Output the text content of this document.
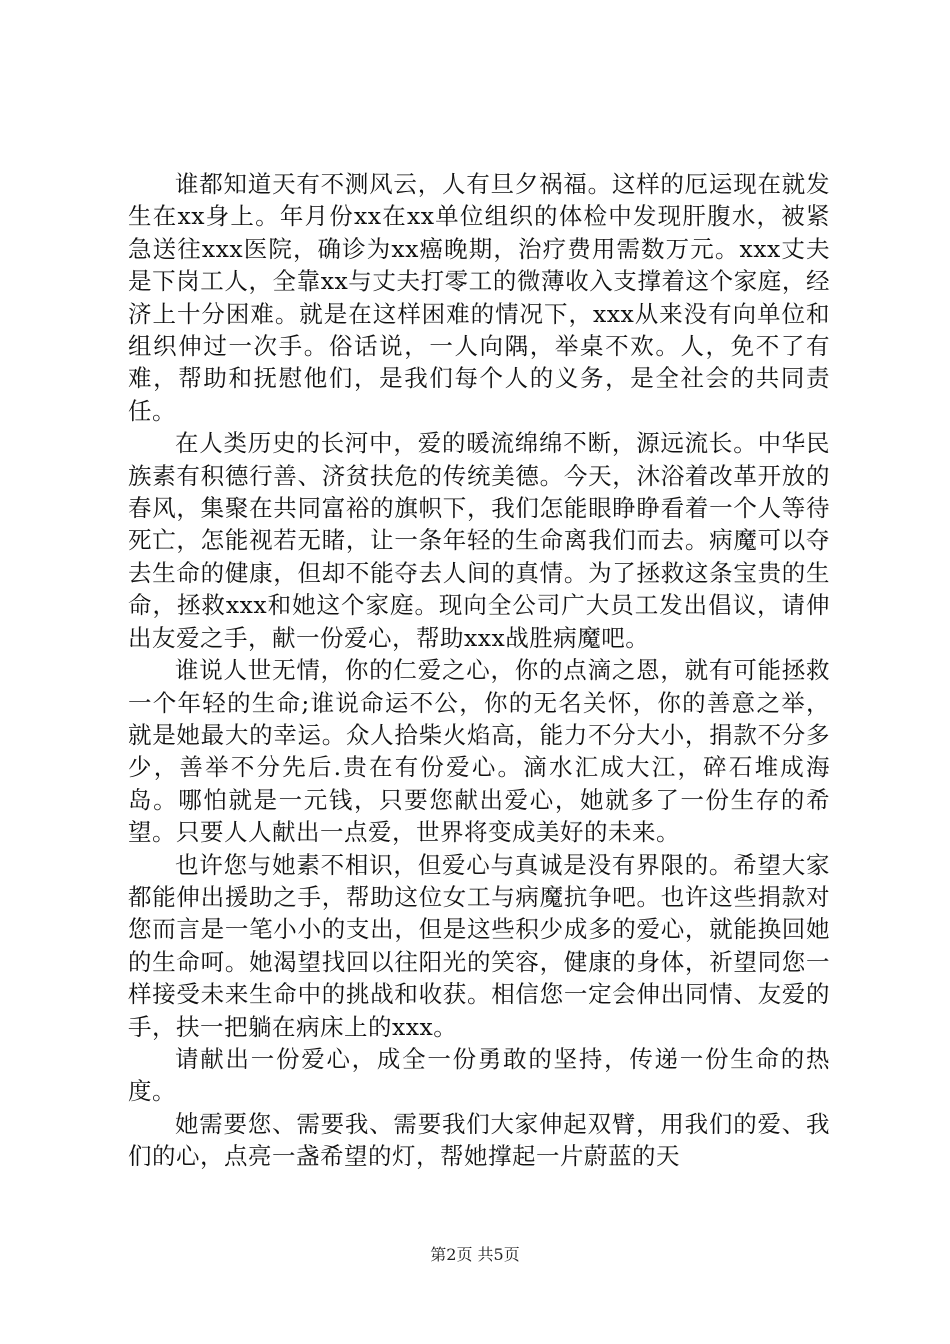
谁都知道天有不测风云，人有旦夕祸福。这样的厄运现在就发生在xx身上。年月份xx在xx单位组织的体检中发现肝腹水，被紧急送往xxx医院，确诊为xx癌晚期，治疗费用需数万元。xxx丈夫是下岗工人，全靠xx与丈夫打零工的微薄收入支撑着这个家庭，经济上十分困难。就是在这样困难的情况下，xxx从来没有向单位和组织伸过一次手。俗话说，一人向隅，举桌不欢。人，免不了有难，帮助和抚慰他们，是我们每个人的义务，是全社会的共同责任。

在人类历史的长河中，爱的暖流绵绵不断，源远流长。中华民族素有积德行善、济贫扶危的传统美德。今天，沐浴着改革开放的春风，集聚在共同富裕的旗帜下，我们怎能眼睁睁看着一个人等待死亡，怎能视若无睹，让一条年轻的生命离我们而去。病魔可以夺去生命的健康，但却不能夺去人间的真情。为了拯救这条宝贵的生命，拯救xxx和她这个家庭。现向全公司广大员工发出倡议，请伸出友爱之手，献一份爱心，帮助xxx战胜病魔吧。

谁说人世无情，你的仁爱之心，你的点滴之恩，就有可能拯救一个年轻的生命;谁说命运不公，你的无名关怀，你的善意之举，就是她最大的幸运。众人拾柴火焰高，能力不分大小，捐款不分多少，善举不分先后.贵在有份爱心。滴水汇成大江，碎石堆成海岛。哪怕就是一元钱，只要您献出爱心，她就多了一份生存的希望。只要人人献出一点爱，世界将变成美好的未来。

也许您与她素不相识，但爱心与真诚是没有界限的。希望大家都能伸出援助之手，帮助这位女工与病魔抗争吧。也许这些捐款对您而言是一笔小小的支出，但是这些积少成多的爱心，就能换回她的生命呵。她渴望找回以往阳光的笑容，健康的身体，祈望同您一样接受未来生命中的挑战和收获。相信您一定会伸出同情、友爱的手，扶一把躺在病床上的xxx。

请献出一份爱心，成全一份勇敢的坚持，传递一份生命的热度。

她需要您、需要我、需要我们大家伸起双臂，用我们的爱、我们的心，点亮一盏希望的灯，帮她撑起一片蔚蓝的天

第2页 共5页
